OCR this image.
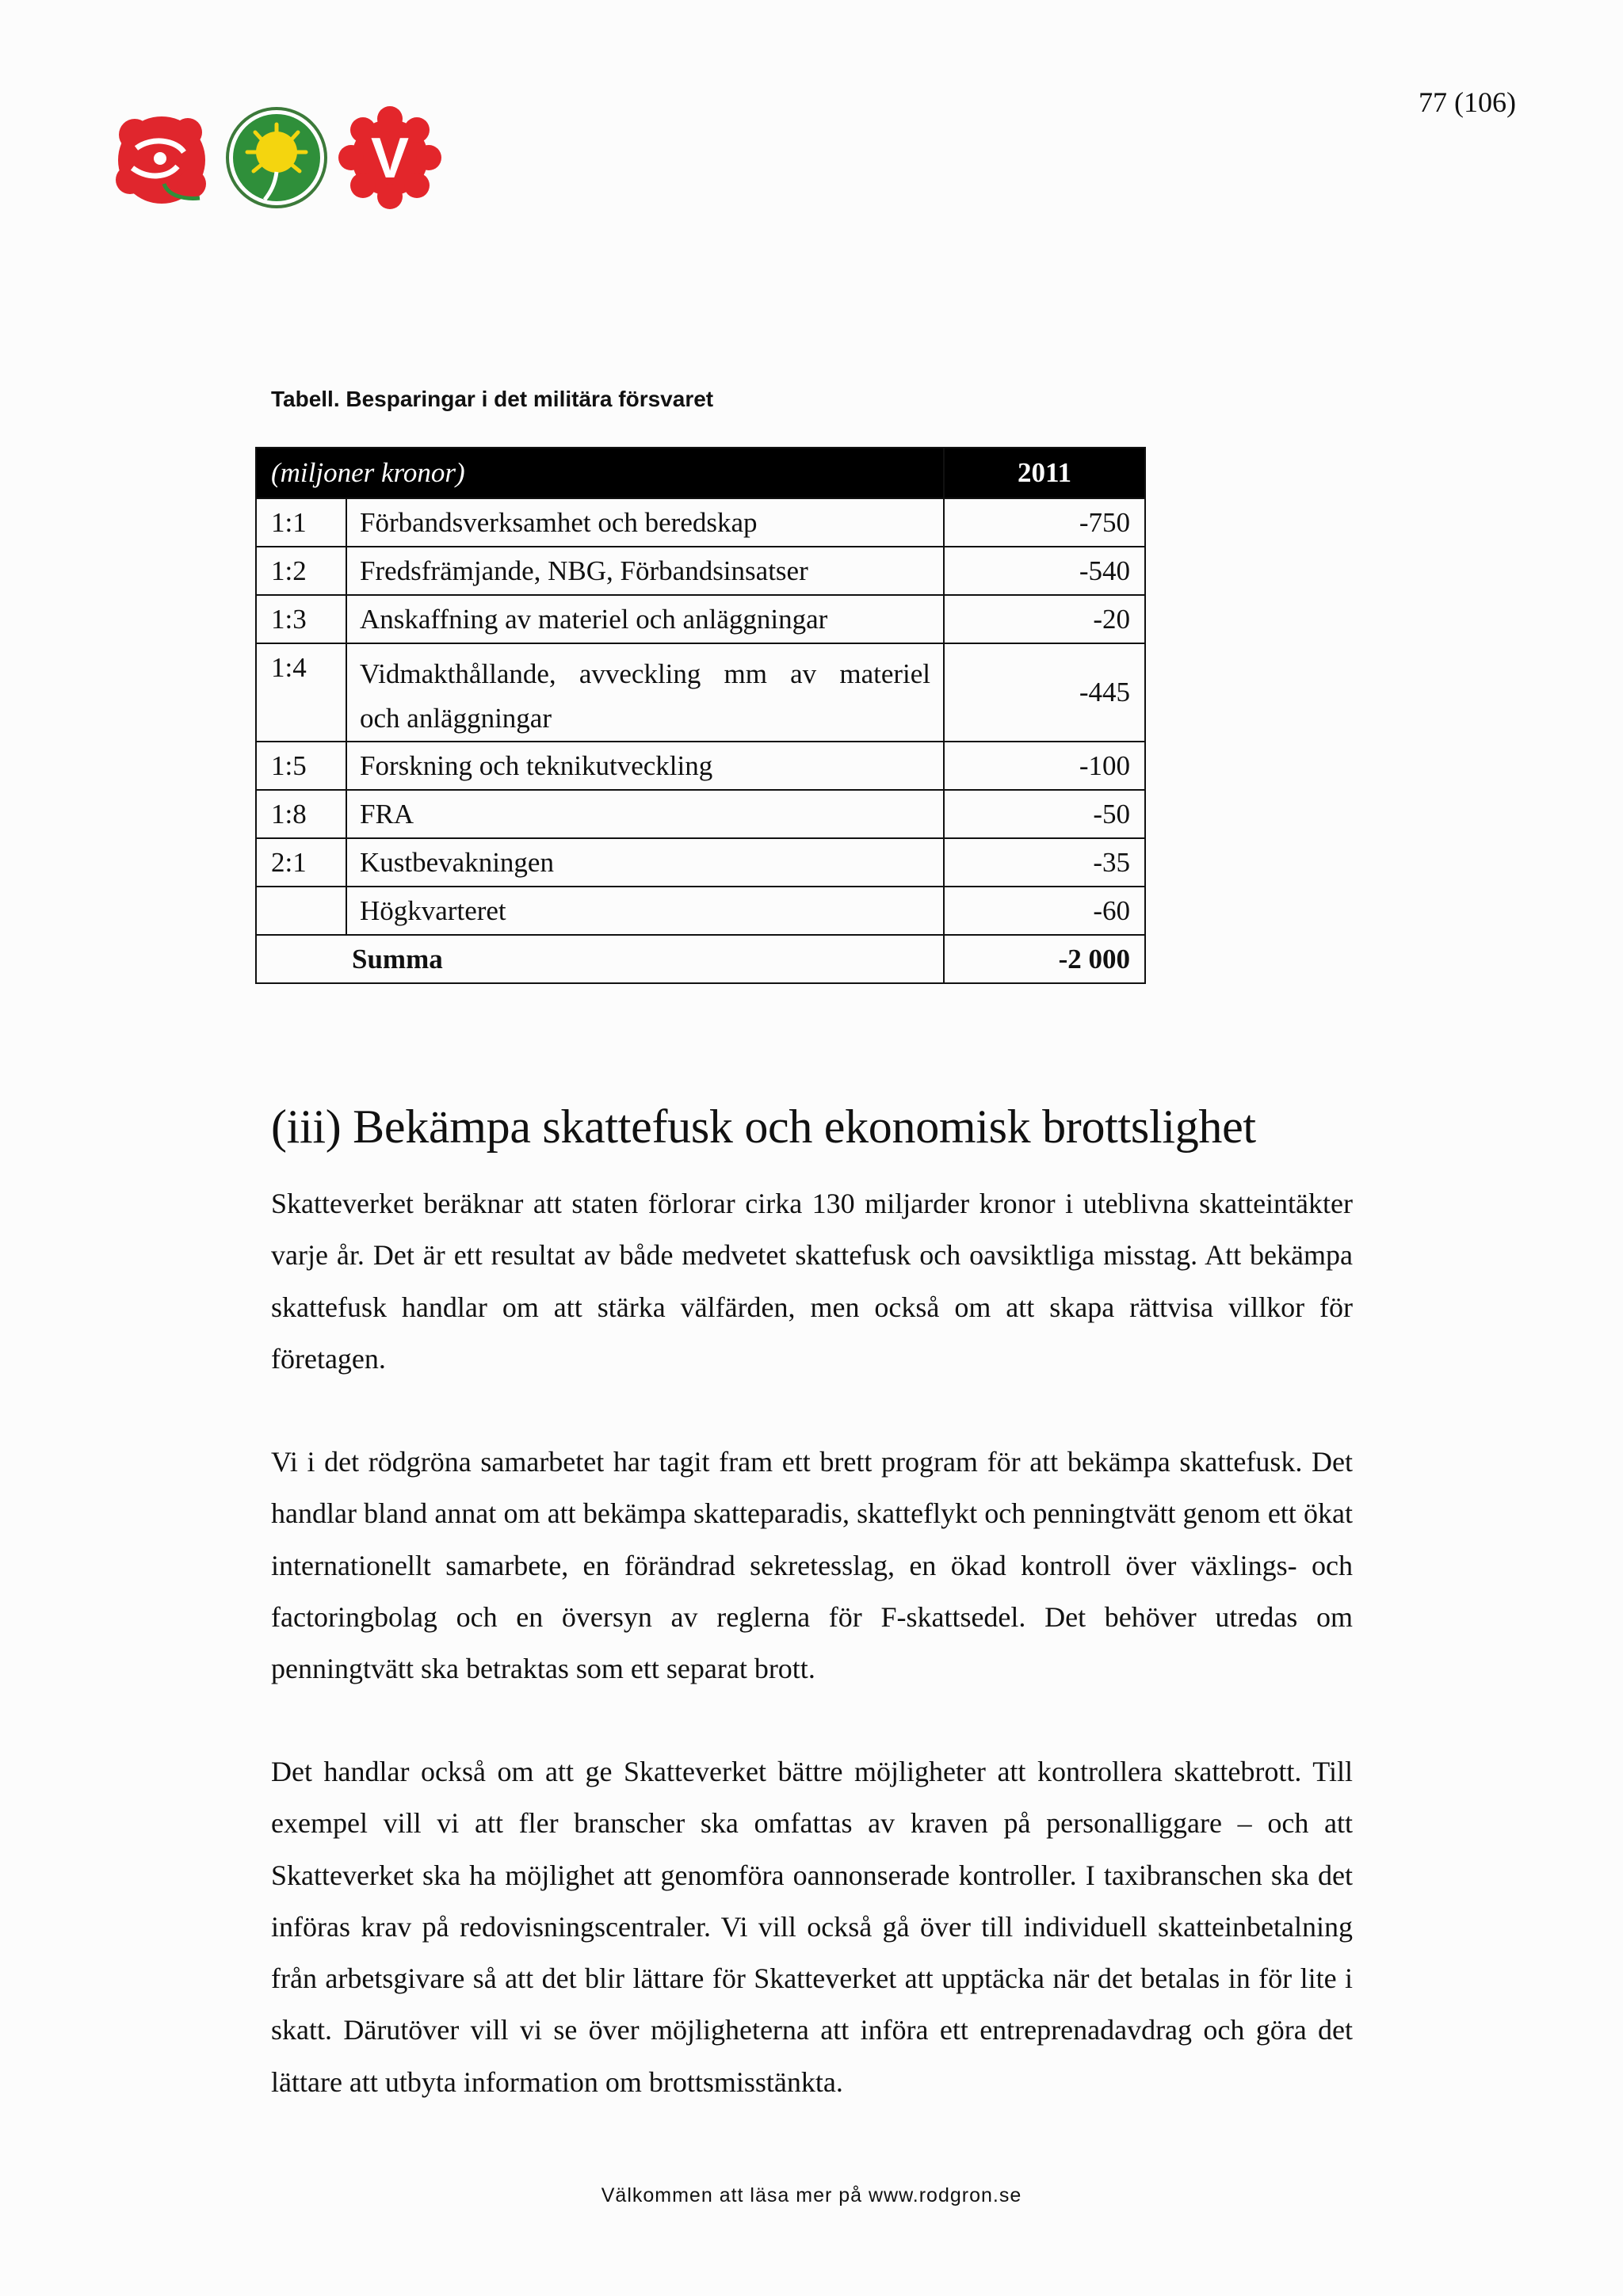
77 (106)
V
Tabell. Besparingar i det militära försvaret
(miljoner kronor)		2011
1:1	Förbandsverksamhet och beredskap	-750
1:2	Fredsfrämjande, NBG, Förbandsinsatser	-540
1:3	Anskaffning av materiel och anläggningar	-20
1:4	Vidmakthållande, avveckling mm av materiel
och anläggningar	-445
1:5	Forskning och teknikutveckling	-100
1:8	FRA	-50
2:1	Kustbevakningen	-35
	Högkvarteret	-60
Summa		-2 000
(iii) Bekämpa skattefusk och ekonomisk brottslighet

Skatteverket beräknar att staten förlorar cirka 130 miljarder kronor i uteblivna skatteintäkter varje år. Det är ett resultat av både medvetet skattefusk och oavsiktliga misstag. Att bekämpa skattefusk handlar om att stärka välfärden, men också om att skapa rättvisa villkor för företagen.

Vi i det rödgröna samarbetet har tagit fram ett brett program för att bekämpa skattefusk. Det handlar bland annat om att bekämpa skatteparadis, skatteflykt och penningtvätt genom ett ökat internationellt samarbete, en förändrad sekretesslag, en ökad kontroll över växlings- och factoringbolag och en översyn av reglerna för F-skattsedel. Det behöver utredas om penningtvätt ska betraktas som ett separat brott.

Det handlar också om att ge Skatteverket bättre möjligheter att kontrollera skattebrott. Till exempel vill vi att fler branscher ska omfattas av kraven på personalliggare – och att Skatteverket ska ha möjlighet att genomföra oannonserade kontroller. I taxibranschen ska det införas krav på redovisningscentraler. Vi vill också gå över till individuell skatteinbetalning från arbetsgivare så att det blir lättare för Skatteverket att upptäcka när det betalas in för lite i skatt. Därutöver vill vi se över möjligheterna att införa ett entreprenadavdrag och göra det lättare att utbyta information om brottsmisstänkta.

Välkommen att läsa mer på www.rodgron.se
